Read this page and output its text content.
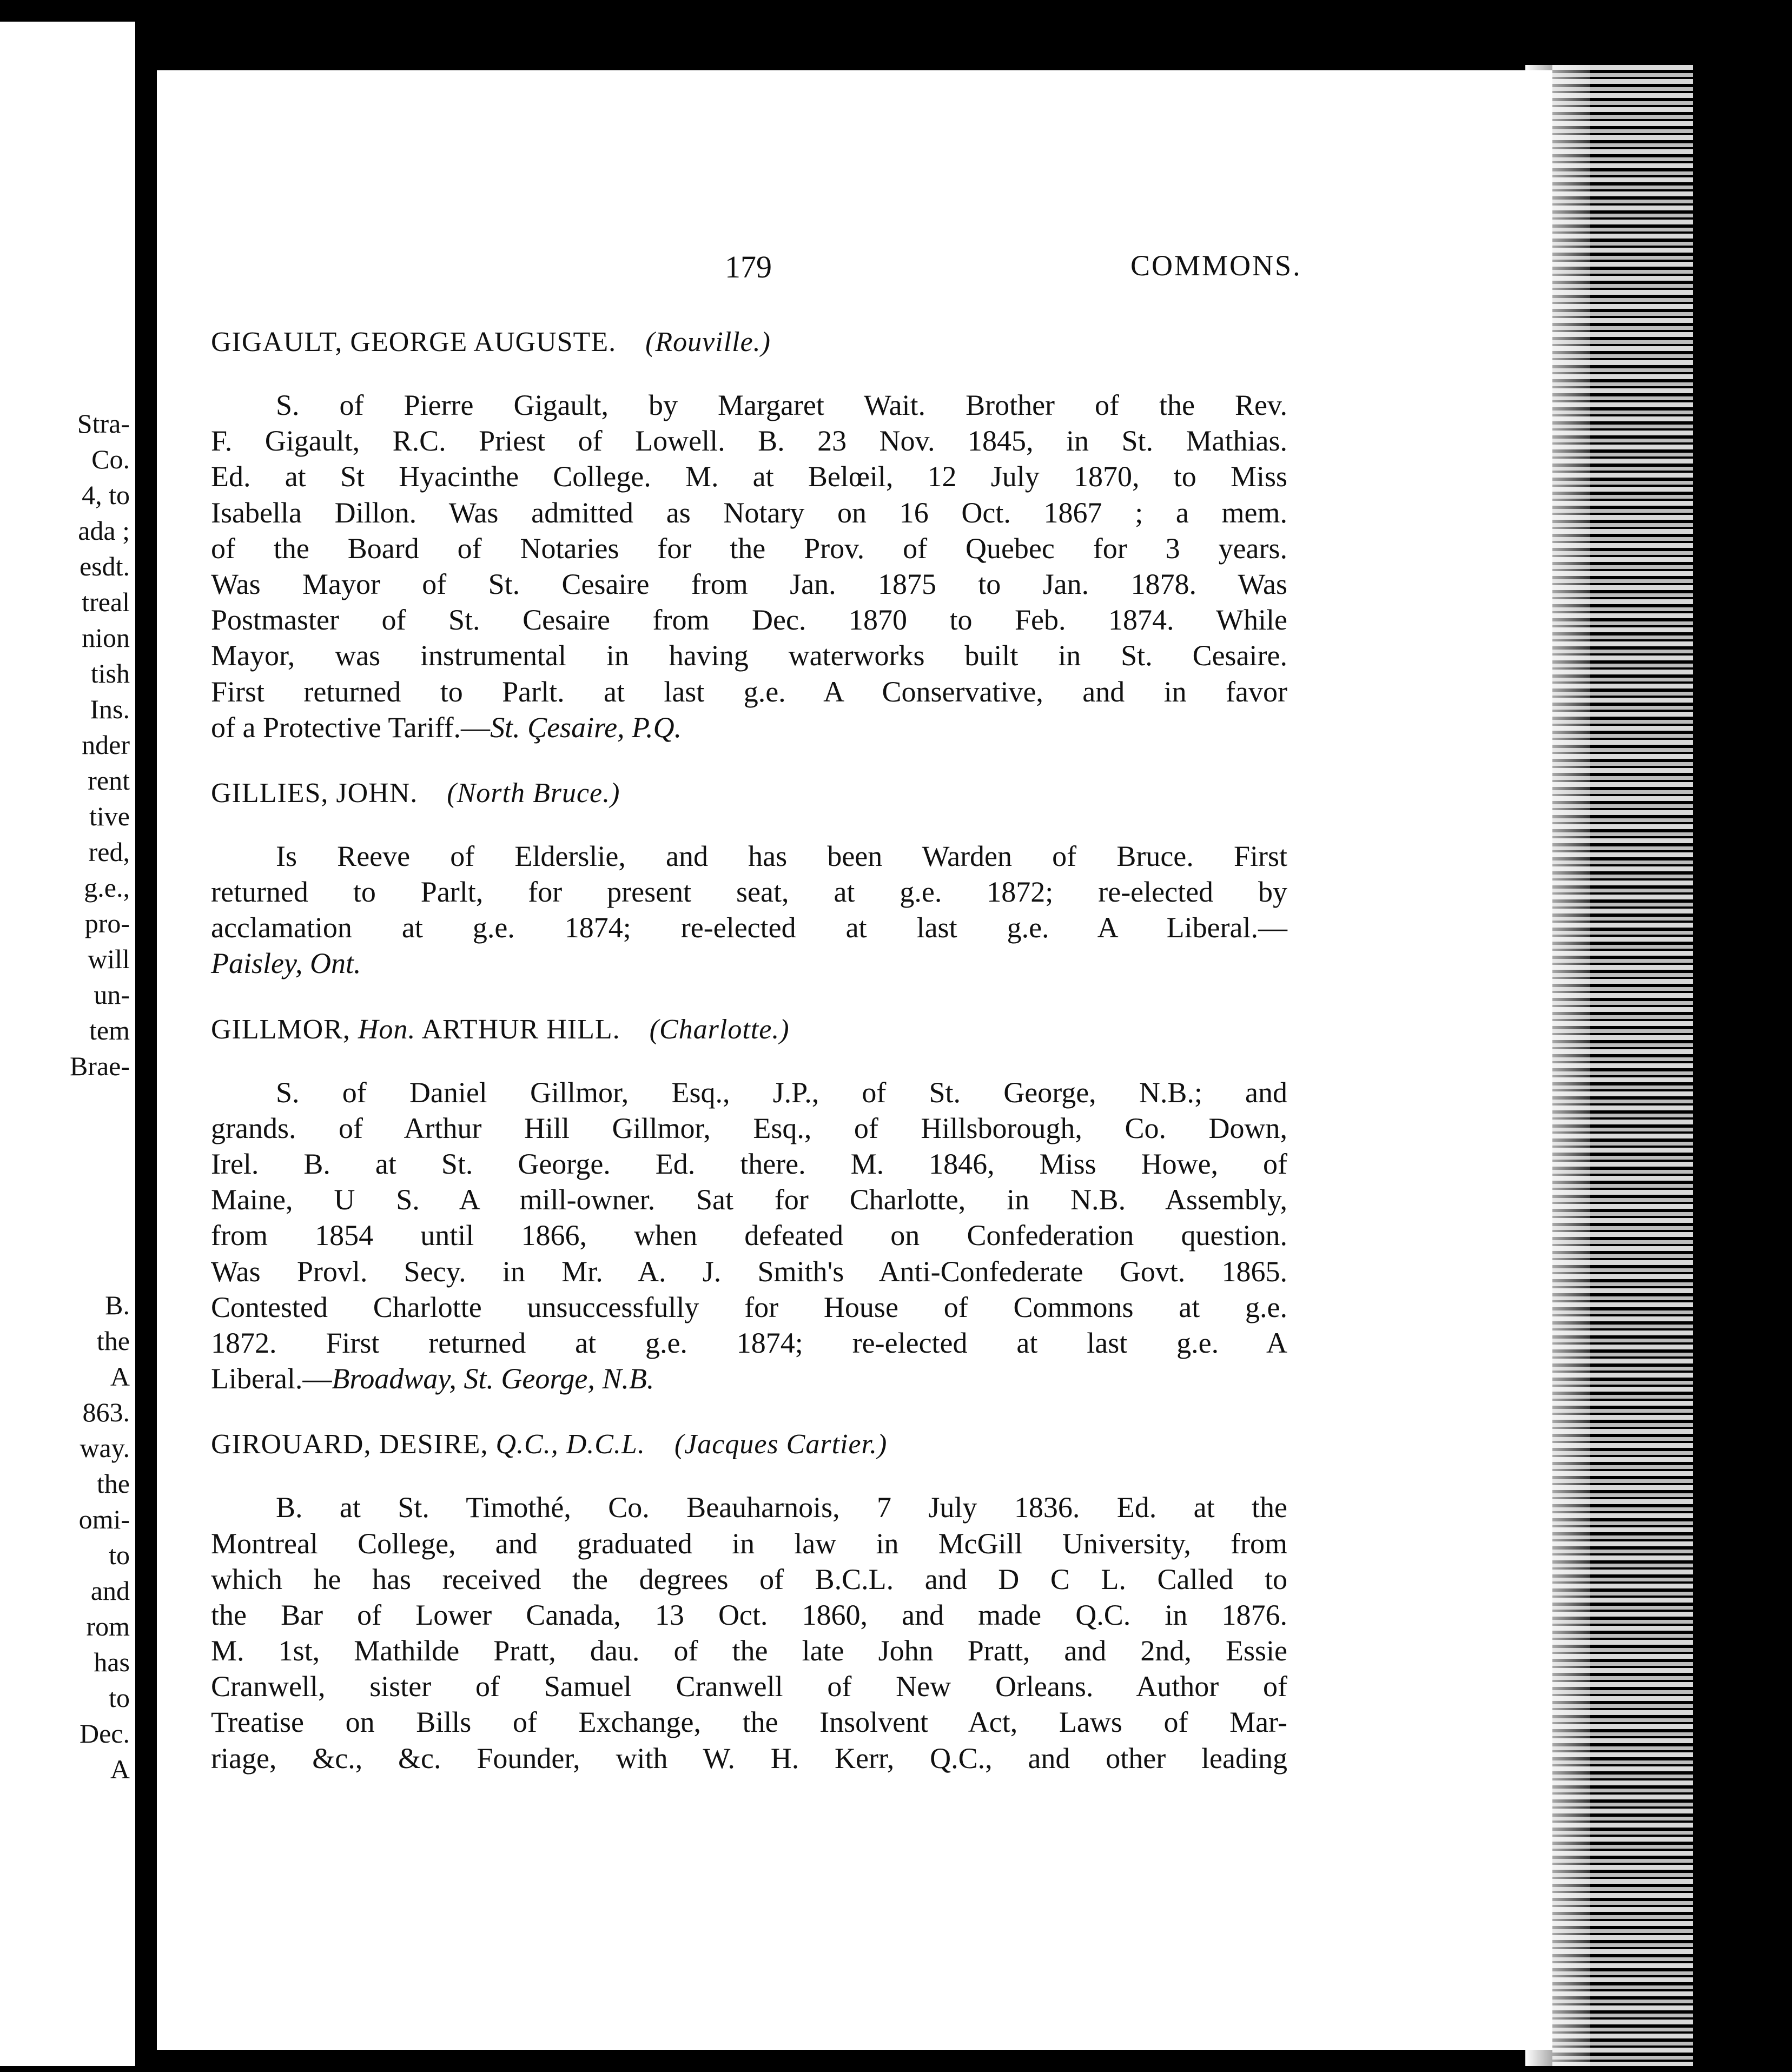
Stra-
Co.
4, to
ada ;
esdt.
treal
nion
tish
Ins.
nder
rent
tive
red,
g.e.,
pro-
will
un-
tem
Brae-
B.
the
A
863.
way.
the
omi-
to
and
rom
has
to
Dec.
A
179	COMMONS.
GIGAULT, GEORGE AUGUSTE. (Rouville.)
S. of Pierre Gigault, by Margaret Wait. Brother of the Rev.
F. Gigault, R.C. Priest of Lowell. B. 23 Nov. 1845, in St. Mathias.
Ed. at St Hyacinthe College. M. at Belœil, 12 July 1870, to Miss
Isabella Dillon. Was admitted as Notary on 16 Oct. 1867 ; a mem.
of the Board of Notaries for the Prov. of Quebec for 3 years.
Was Mayor of St. Cesaire from Jan. 1875 to Jan. 1878. Was
Postmaster of St. Cesaire from Dec. 1870 to Feb. 1874. While
Mayor, was instrumental in having waterworks built in St. Cesaire.
First returned to Parlt. at last g.e. A Conservative, and in favor
of a Protective Tariff.—St. Çesaire, P.Q.
GILLIES, JOHN. (North Bruce.)
Is Reeve of Elderslie, and has been Warden of Bruce. First
returned to Parlt, for present seat, at g.e. 1872; re-elected by
acclamation at g.e. 1874; re-elected at last g.e. A Liberal.—
Paisley, Ont.
GILLMOR, Hon. ARTHUR HILL. (Charlotte.)
S. of Daniel Gillmor, Esq., J.P., of St. George, N.B.; and
grands. of Arthur Hill Gillmor, Esq., of Hillsborough, Co. Down,
Irel. B. at St. George. Ed. there. M. 1846, Miss Howe, of
Maine, U S. A mill-owner. Sat for Charlotte, in N.B. Assembly,
from 1854 until 1866, when defeated on Confederation question.
Was Provl. Secy. in Mr. A. J. Smith's Anti-Confederate Govt. 1865.
Contested Charlotte unsuccessfully for House of Commons at g.e.
1872. First returned at g.e. 1874; re-elected at last g.e. A
Liberal.—Broadway, St. George, N.B.
GIROUARD, DESIRE, Q.C., D.C.L. (Jacques Cartier.)
B. at St. Timothé, Co. Beauharnois, 7 July 1836. Ed. at the
Montreal College, and graduated in law in McGill University, from
which he has received the degrees of B.C.L. and D C L. Called to
the Bar of Lower Canada, 13 Oct. 1860, and made Q.C. in 1876.
M. 1st, Mathilde Pratt, dau. of the late John Pratt, and 2nd, Essie
Cranwell, sister of Samuel Cranwell of New Orleans. Author of
Treatise on Bills of Exchange, the Insolvent Act, Laws of Mar-
riage, &c., &c. Founder, with W. H. Kerr, Q.C., and other leading
